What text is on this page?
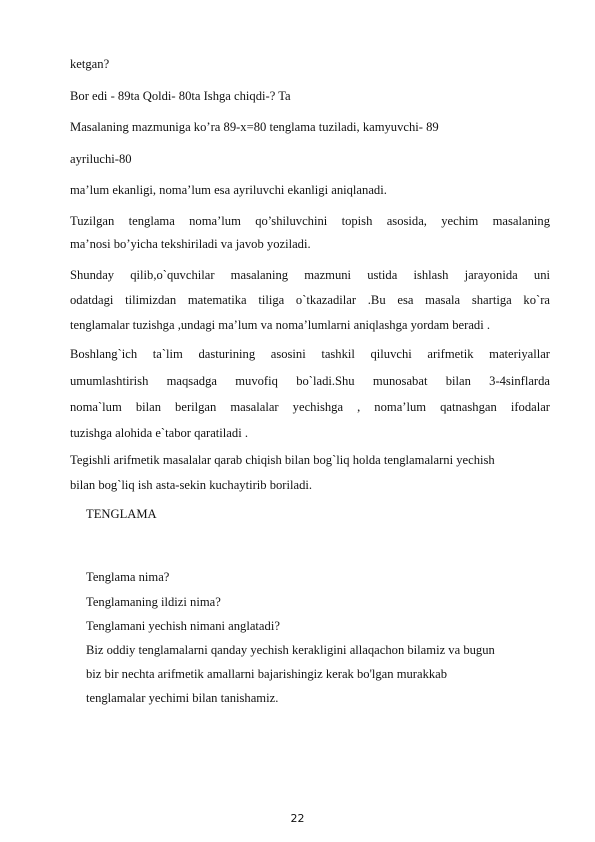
ketgan?
Bor edi - 89ta Qoldi- 80ta Ishga chiqdi-? Ta
Masalaning mazmuniga ko’ra 89-x=80 tenglama tuziladi, kamyuvchi- 89
ayriluchi-80
ma’lum ekanligi, noma’lum esa ayriluvchi ekanligi aniqlanadi.
Tuzilgan tenglama noma’lum qo’shiluvchini topish asosida, yechim masalaning
ma’nosi bo’yicha tekshiriladi va javob yoziladi.
Shunday qilib,o`quvchilar masalaning mazmuni ustida ishlash jarayonida uni
odatdagi tilimizdan matematika tiliga o`tkazadilar .Bu esa masala shartiga ko`ra
tenglamalar tuzishga ,undagi ma’lum va noma’lumlarni aniqlashga yordam beradi .
Boshlang`ich ta`lim dasturining asosini tashkil qiluvchi arifmetik materiyallar
umumlashtirish maqsadga muvofiq bo`ladi.Shu munosabat bilan 3-4sinflarda
noma`lum bilan berilgan masalalar yechishga , noma’lum qatnashgan ifodalar
tuzishga alohida e`tabor qaratiladi .
Tegishli arifmetik masalalar qarab chiqish bilan bog`liq holda tenglamalarni yechish
bilan bog`liq ish asta-sekin kuchaytirib boriladi.
TENGLAMA
Tenglama nima?
Tenglamaning ildizi nima?
Tenglamani yechish nimani anglatadi?
Biz oddiy tenglamalarni qanday yechish kerakligini allaqachon bilamiz va bugun
biz bir nechta arifmetik amallarni bajarishingiz kerak bo'lgan murakkab
tenglamalar yechimi bilan tanishamiz.
22
